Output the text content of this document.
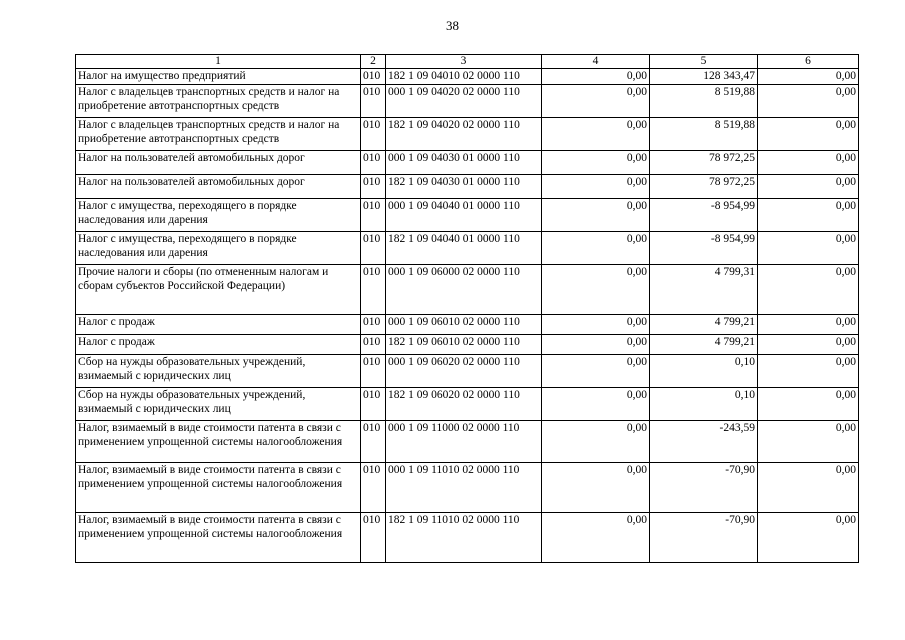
38
1	2	3	4	5	6
Налог на имущество предприятий	010	182 1 09 04010 02 0000 110	0,00	128 343,47	0,00
Налог с владельцев транспортных средств и налог на приобретение автотранспортных средств	010	000 1 09 04020 02 0000 110	0,00	8 519,88	0,00
Налог с владельцев транспортных средств и налог на приобретение автотранспортных средств	010	182 1 09 04020 02 0000 110	0,00	8 519,88	0,00
Налог на пользователей автомобильных дорог	010	000 1 09 04030 01 0000 110	0,00	78 972,25	0,00
Налог на пользователей автомобильных дорог	010	182 1 09 04030 01 0000 110	0,00	78 972,25	0,00
Налог с имущества, переходящего в порядке наследования или дарения	010	000 1 09 04040 01 0000 110	0,00	-8 954,99	0,00
Налог с имущества, переходящего в порядке наследования или дарения	010	182 1 09 04040 01 0000 110	0,00	-8 954,99	0,00
Прочие налоги и сборы (по отмененным налогам и сборам субъектов Российской Федерации)	010	000 1 09 06000 02 0000 110	0,00	4 799,31	0,00
Налог с продаж	010	000 1 09 06010 02 0000 110	0,00	4 799,21	0,00
Налог с продаж	010	182 1 09 06010 02 0000 110	0,00	4 799,21	0,00
Сбор на нужды образовательных учреждений, взимаемый с юридических лиц	010	000 1 09 06020 02 0000 110	0,00	0,10	0,00
Сбор на нужды образовательных учреждений, взимаемый с юридических лиц	010	182 1 09 06020 02 0000 110	0,00	0,10	0,00
Налог, взимаемый в виде стоимости патента в связи с применением упрощенной системы налогообложения	010	000 1 09 11000 02 0000 110	0,00	-243,59	0,00
Налог, взимаемый в виде стоимости патента в связи с применением упрощенной системы налогообложения	010	000 1 09 11010 02 0000 110	0,00	-70,90	0,00
Налог, взимаемый в виде стоимости патента в связи с применением упрощенной системы налогообложения	010	182 1 09 11010 02 0000 110	0,00	-70,90	0,00
